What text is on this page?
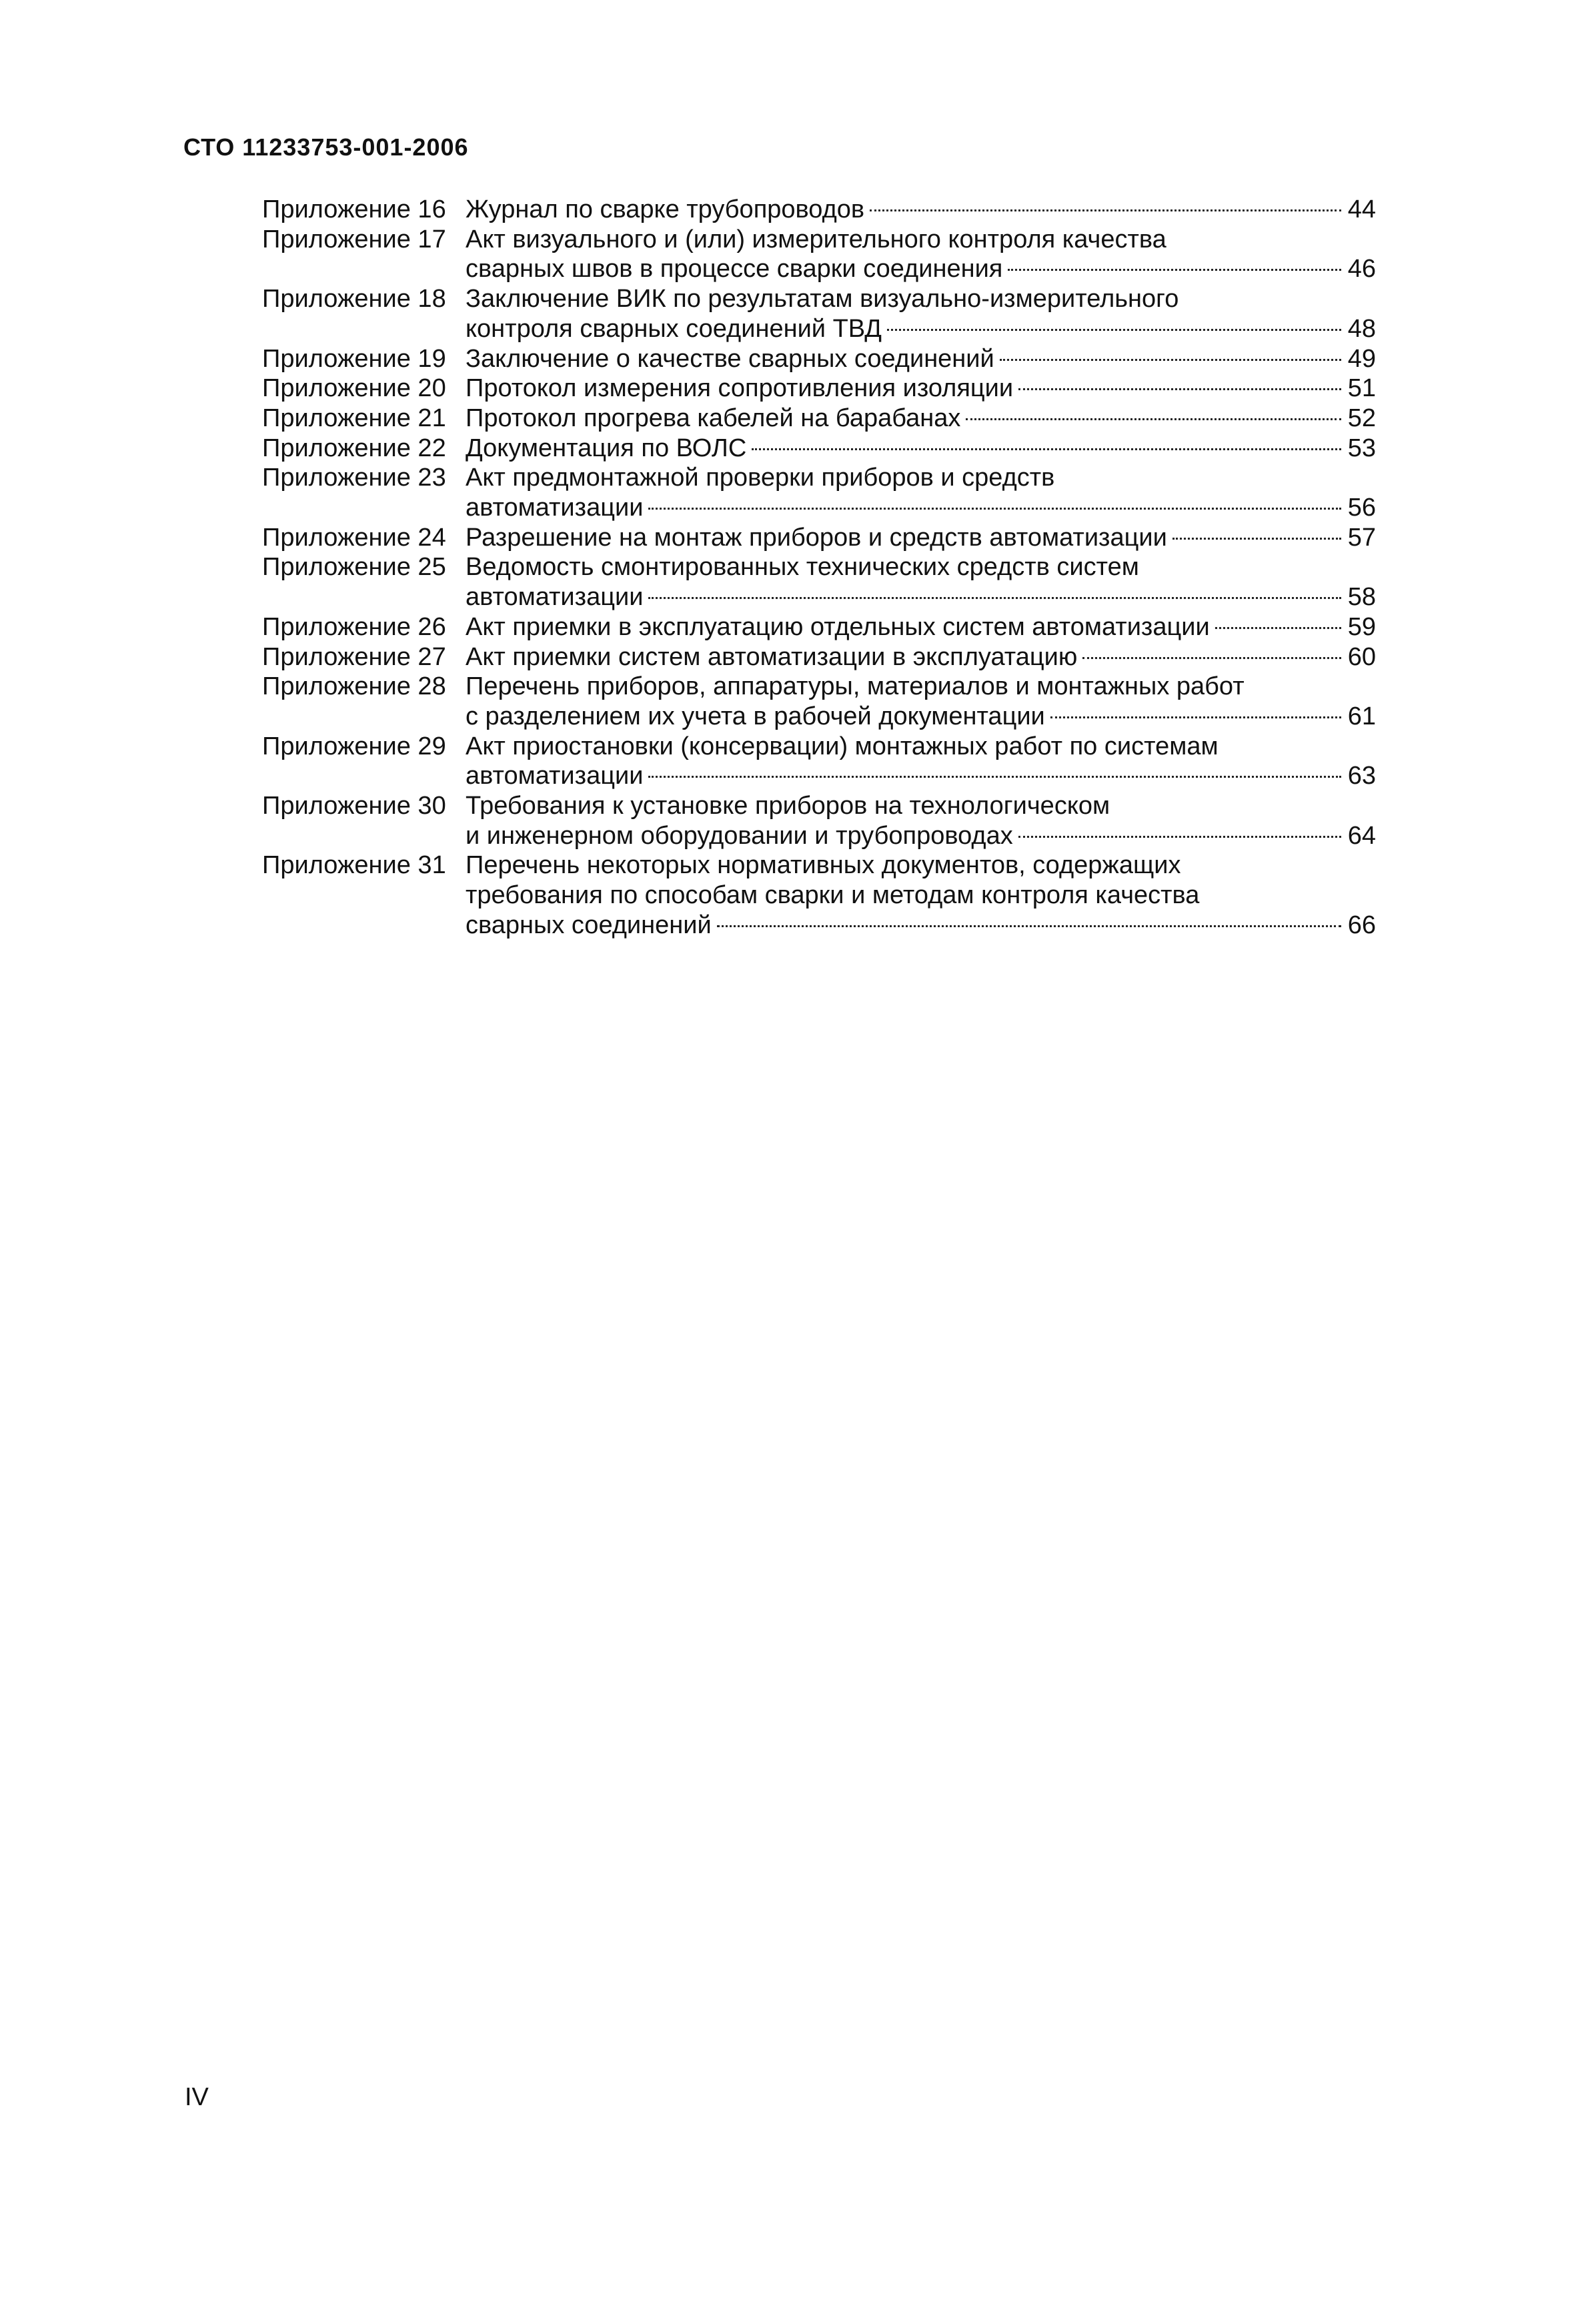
СТО 11233753-001-2006
Приложение 16 Журнал по сварке трубопроводов	44
Приложение 17 Акт визуального и (или) измерительного контроля качества
сварных швов в процессе сварки соединения	46
Приложение 18 Заключение ВИК по результатам визуально-измерительного
контроля сварных соединений ТВД	48
Приложение 19 Заключение о качестве сварных соединений	49
Приложение 20 Протокол измерения сопротивления изоляции	51
Приложение 21 Протокол прогрева кабелей на барабанах	52
Приложение 22 Документация по ВОЛС	53
Приложение 23 Акт предмонтажной проверки приборов и средств
автоматизации	56
Приложение 24 Разрешение на монтаж приборов и средств автоматизации	57
Приложение 25 Ведомость смонтированных технических средств систем
автоматизации	58
Приложение 26 Акт приемки в эксплуатацию отдельных систем автоматизации	59
Приложение 27 Акт приемки систем автоматизации в эксплуатацию	60
Приложение 28 Перечень приборов, аппаратуры, материалов и монтажных работ
с разделением их учета в рабочей документации	61
Приложение 29 Акт приостановки (консервации) монтажных работ по системам
автоматизации	63
Приложение 30 Требования к установке приборов на технологическом
и инженерном оборудовании и трубопроводах	64
Приложение 31 Перечень некоторых нормативных документов, содержащих
требования по способам сварки и методам контроля качества
сварных соединений	66
IV
